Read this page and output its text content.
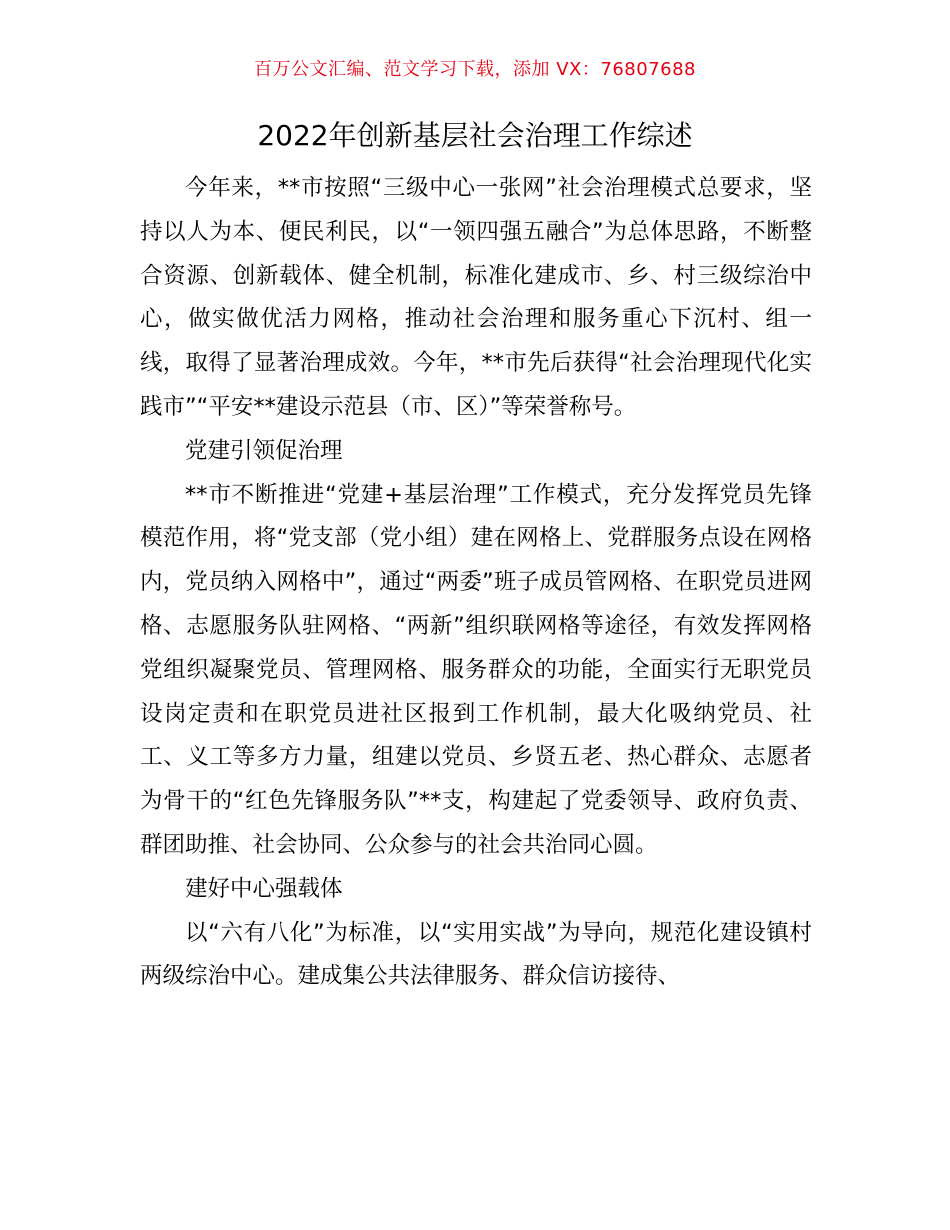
百万公文汇编、范文学习下载，添加 VX：76807688
2022年创新基层社会治理工作综述

今年来，**市按照“三级中心一张网”社会治理模式总要求，坚持以人为本、便民利民，以“一领四强五融合”为总体思路，不断整合资源、创新载体、健全机制，标准化建成市、乡、村三级综治中心，做实做优活力网格，推动社会治理和服务重心下沉村、组一线，取得了显著治理成效。今年，**市先后获得“社会治理现代化实践市”“平安**建设示范县（市、区）”等荣誉称号。

党建引领促治理

**市不断推进“党建+基层治理”工作模式，充分发挥党员先锋模范作用，将“党支部（党小组）建在网格上、党群服务点设在网格内，党员纳入网格中”，通过“两委”班子成员管网格、在职党员进网格、志愿服务队驻网格、“两新”组织联网格等途径，有效发挥网格党组织凝聚党员、管理网格、服务群众的功能，全面实行无职党员设岗定责和在职党员进社区报到工作机制，最大化吸纳党员、社工、义工等多方力量，组建以党员、乡贤五老、热心群众、志愿者为骨干的“红色先锋服务队”**支，构建起了党委领导、政府负责、群团助推、社会协同、公众参与的社会共治同心圆。

建好中心强载体

以“六有八化”为标准，以“实用实战”为导向，规范化建设镇村两级综治中心。建成集公共法律服务、群众信访接待、
